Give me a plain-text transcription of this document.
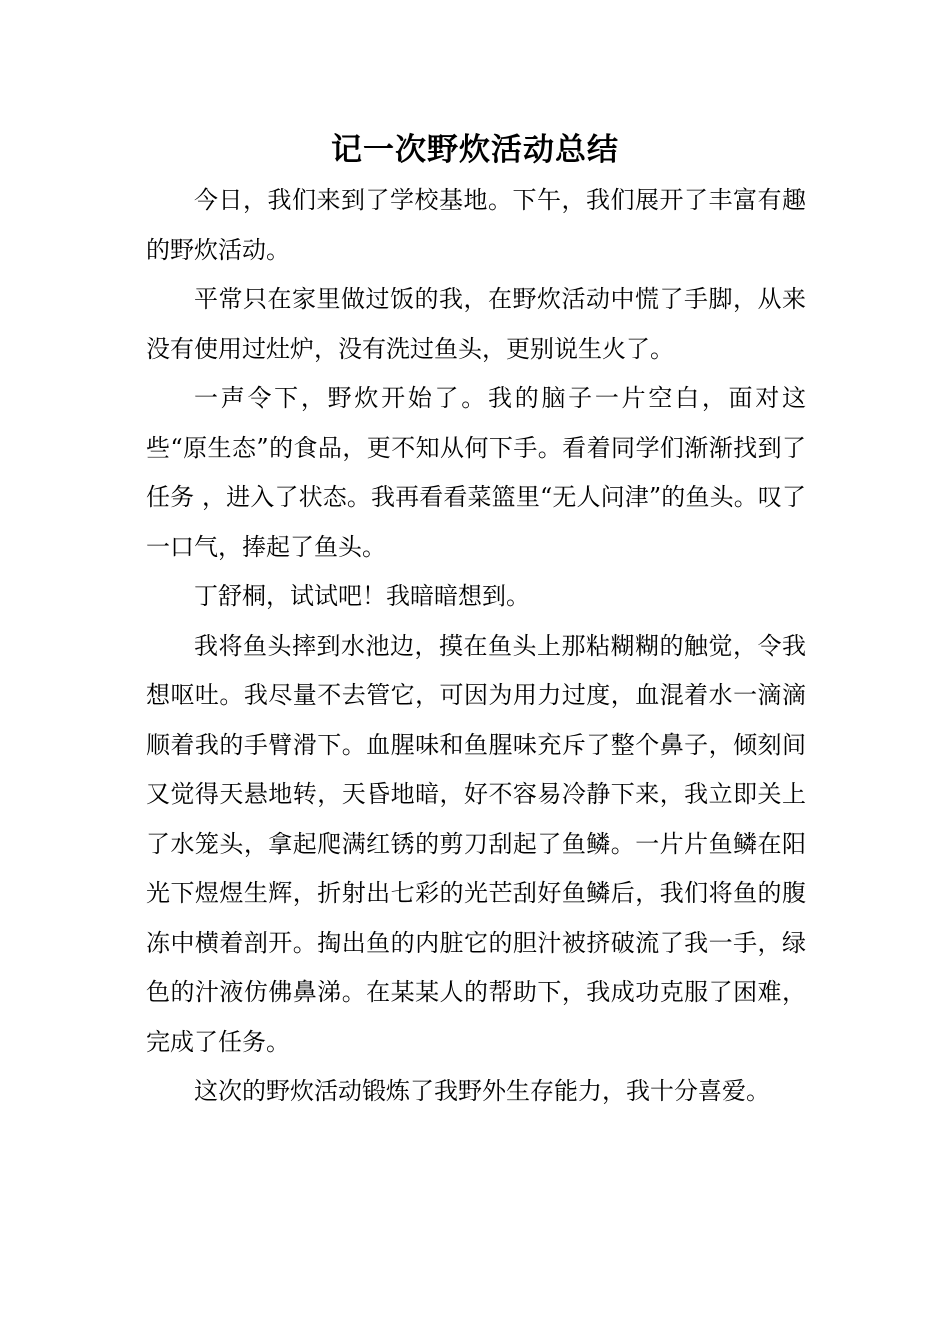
记一次野炊活动总结

今日，我们来到了学校基地。下午，我们展开了丰富有趣的野炊活动。

平常只在家里做过饭的我，在野炊活动中慌了手脚，从来没有使用过灶炉，没有洗过鱼头，更别说生火了。

一声令下，野炊开始了。我的脑子一片空白，面对这些“原生态”的食品，更不知从何下手。看着同学们渐渐找到了任务 ，进入了状态。我再看看菜篮里“无人问津”的鱼头。叹了一口气，捧起了鱼头。

丁舒桐，试试吧！我暗暗想到。

我将鱼头摔到水池边，摸在鱼头上那粘糊糊的触觉，令我想呕吐。我尽量不去管它，可因为用力过度，血混着水一滴滴顺着我的手臂滑下。血腥味和鱼腥味充斥了整个鼻子，倾刻间又觉得天悬地转，天昏地暗，好不容易冷静下来，我立即关上了水笼头，拿起爬满红锈的剪刀刮起了鱼鳞。一片片鱼鳞在阳光下煜煜生辉，折射出七彩的光芒刮好鱼鳞后，我们将鱼的腹冻中横着剖开。掏出鱼的内脏它的胆汁被挤破流了我一手，绿色的汁液仿佛鼻涕。在某某人的帮助下，我成功克服了困难，完成了任务。

这次的野炊活动锻炼了我野外生存能力，我十分喜爱。
